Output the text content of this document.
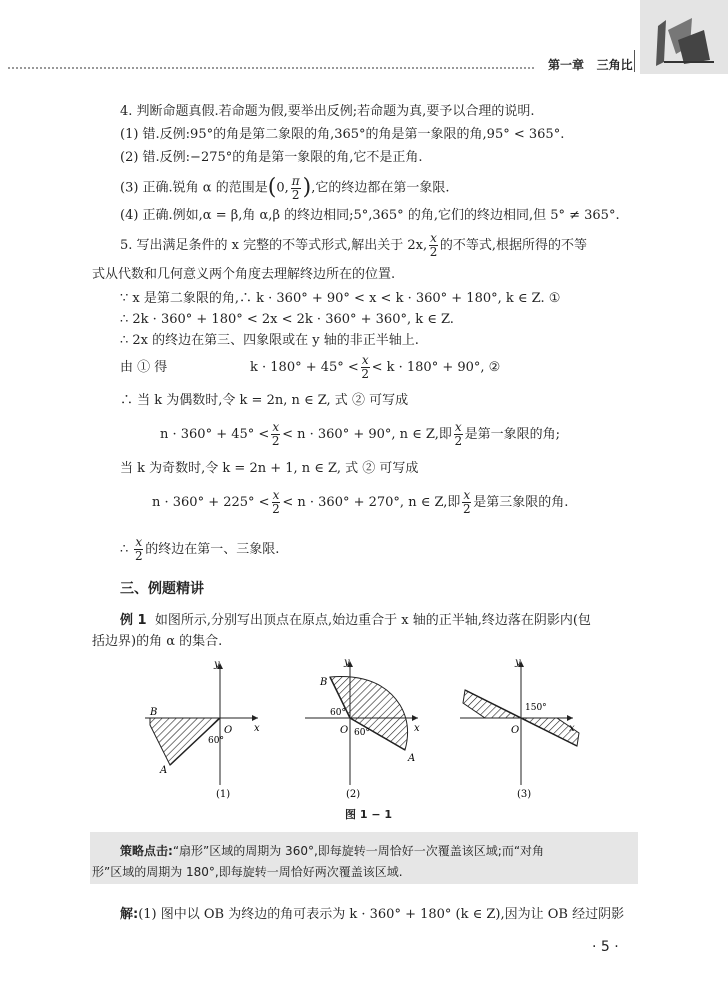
第一章 三角比
4. 判断命题真假.若命题为假,要举出反例;若命题为真,要予以合理的说明.
(1) 错.反例:95°的角是第二象限的角,365°的角是第一象限的角,95° < 365°.
(2) 错.反例:−275°的角是第一象限的角,它不是正角.
(3) 正确.锐角 α 的范围是(0, $\frac{\pi}{2}$ ),它的终边都在第一象限.
(4) 正确.例如,α = β,角 α,β 的终边相同;5°,365° 的角,它们的终边相同,但 5° ≠ 365°.
5. 写出满足条件的 x 完整的不等式形式,解出关于 2x, $\frac{x}{2}$ 的不等式,根据所得的不等
式从代数和几何意义两个角度去理解终边所在的位置.
∵ x 是第二象限的角,∴ k · 360° + 90° < x < k · 360° + 180°, k ∈ Z. ①
∴ 2k · 360° + 180° < 2x < 2k · 360° + 360°, k ∈ Z.
∴ 2x 的终边在第三、四象限或在 y 轴的非正半轴上.
由 ① 得	$k \cdot 180^\circ + 45^\circ < \frac{x}{2} < k \cdot 180^\circ + 90^\circ$, ②
∴ 当 k 为偶数时,令 k = 2n, n ∈ Z, 式 ② 可写成
$n \cdot 360^\circ + 45^\circ < \frac{x}{2} < n \cdot 360^\circ + 90^\circ$, n ∈ Z,即 $\frac{x}{2}$ 是第一象限的角;
当 k 为奇数时,令 k = 2n + 1, n ∈ Z, 式 ② 可写成
$n \cdot 360^\circ + 225^\circ < \frac{x}{2} < n \cdot 360^\circ + 270^\circ$, n ∈ Z,即 $\frac{x}{2}$ 是第三象限的角.
∴ $\frac{x}{2}$ 的终边在第一、三象限.
三、例题精讲
例 1 如图所示,分别写出顶点在原点,始边重合于 x 轴的正半轴,终边落在阴影内(包
括边界)的角 α 的集合.
y
x
O
B
A
60°
(1)
y
x
O
B
A
60°
60°
(2)
y
x
O
150°
(3)
图 1 − 1
策略点击:“扇形”区域的周期为 360°,即每旋转一周恰好一次覆盖该区域;而“对角
形”区域的周期为 180°,即每旋转一周恰好两次覆盖该区域.
解:(1) 图中以 OB 为终边的角可表示为 k · 360° + 180° (k ∈ Z),因为让 OB 经过阴影
· 5 ·
